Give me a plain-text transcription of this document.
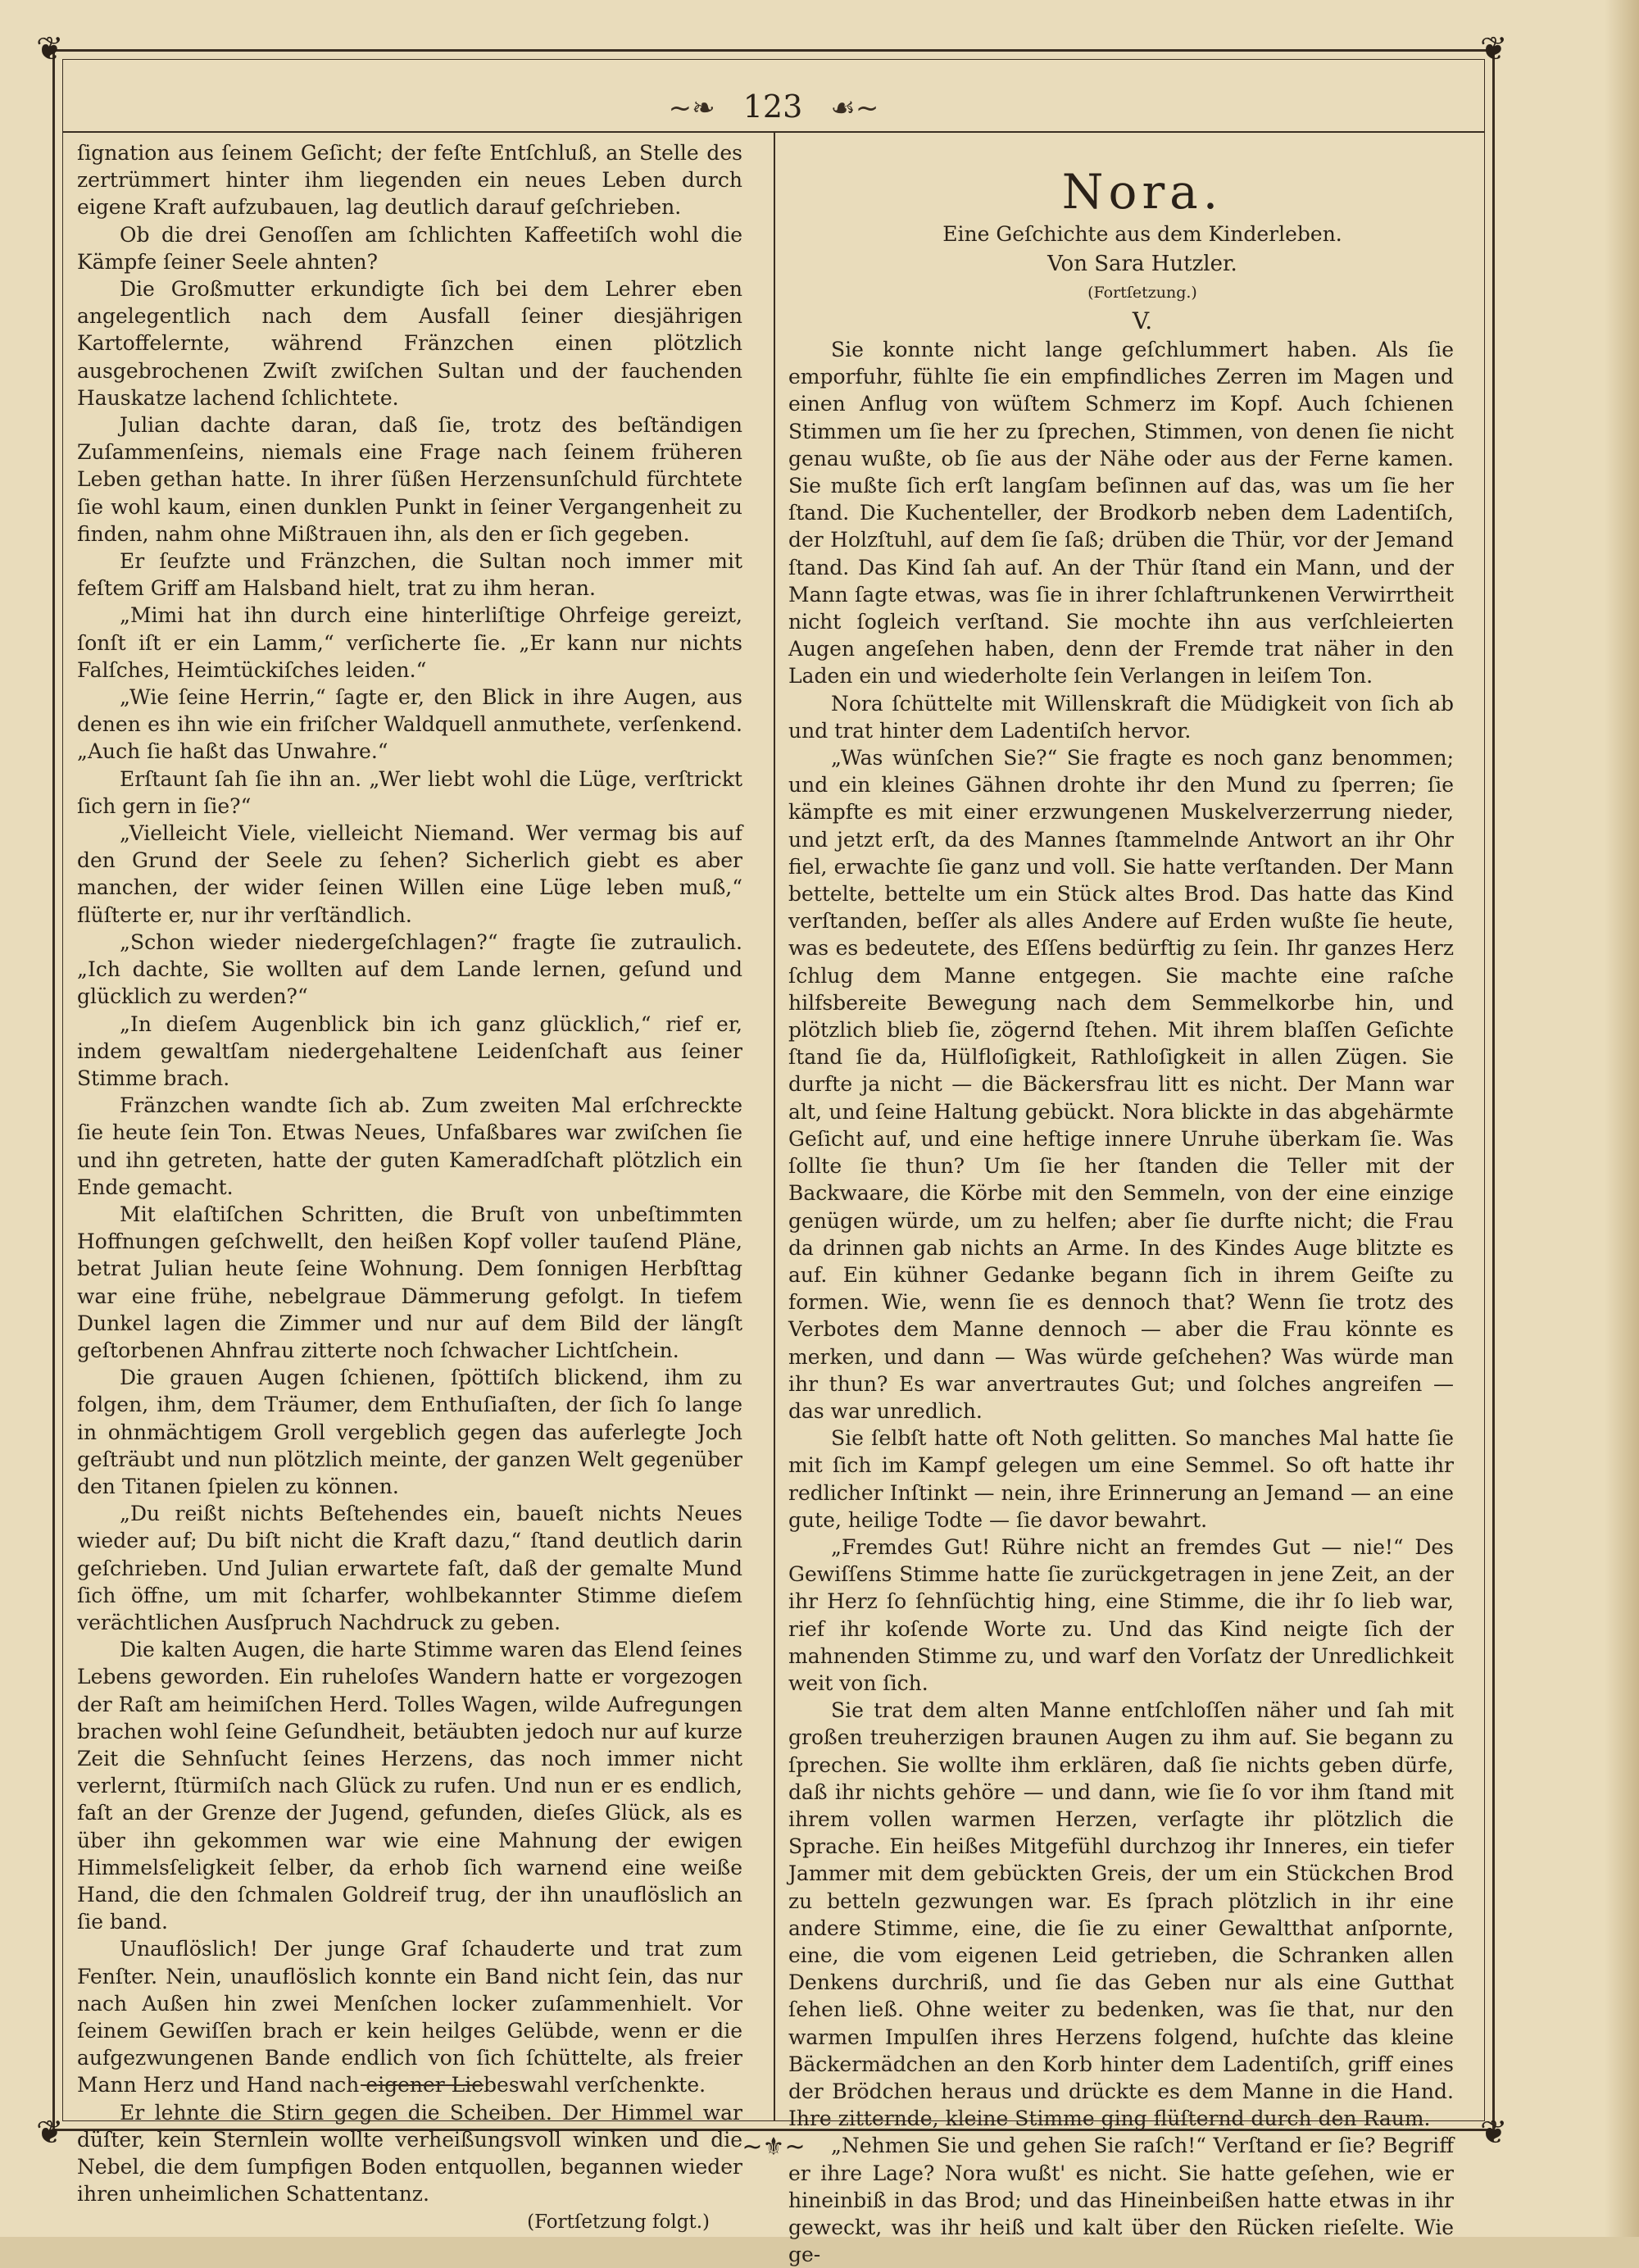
❦	❦
❦	❦
~❧ 123 ☙~

ſignation aus ſeinem Geſicht; der feſte Entſchluß, an Stelle des zertrümmert hinter ihm liegenden ein neues Leben durch eigene Kraft aufzubauen, lag deutlich darauf geſchrieben.

Ob die drei Genoſſen am ſchlichten Kaffeetiſch wohl die Kämpfe ſeiner Seele ahnten?

Die Großmutter erkundigte ſich bei dem Lehrer eben angelegentlich nach dem Ausfall ſeiner diesjährigen Kartoffelernte, während Fränzchen einen plötzlich ausgebrochenen Zwiſt zwiſchen Sultan und der fauchenden Hauskatze lachend ſchlichtete.

Julian dachte daran, daß ſie, trotz des beſtändigen Zuſammenſeins, niemals eine Frage nach ſeinem früheren Leben gethan hatte. In ihrer ſüßen Herzensunſchuld fürchtete ſie wohl kaum, einen dunklen Punkt in ſeiner Vergangenheit zu finden, nahm ohne Mißtrauen ihn, als den er ſich gegeben.

Er ſeufzte und Fränzchen, die Sultan noch immer mit feſtem Griff am Halsband hielt, trat zu ihm heran.

„Mimi hat ihn durch eine hinterliſtige Ohrfeige gereizt, ſonſt iſt er ein Lamm,“ verſicherte ſie. „Er kann nur nichts Falſches, Heimtückiſches leiden.“

„Wie ſeine Herrin,“ ſagte er, den Blick in ihre Augen, aus denen es ihn wie ein friſcher Waldquell anmuthete, verſenkend. „Auch ſie haßt das Unwahre.“

Erſtaunt ſah ſie ihn an. „Wer liebt wohl die Lüge, verſtrickt ſich gern in ſie?“

„Vielleicht Viele, vielleicht Niemand. Wer vermag bis auf den Grund der Seele zu ſehen? Sicherlich giebt es aber manchen, der wider ſeinen Willen eine Lüge leben muß,“ flüſterte er, nur ihr verſtändlich.

„Schon wieder niedergeſchlagen?“ fragte ſie zutraulich. „Ich dachte, Sie wollten auf dem Lande lernen, geſund und glücklich zu werden?“

„In dieſem Augenblick bin ich ganz glücklich,“ rief er, indem gewaltſam niedergehaltene Leidenſchaft aus ſeiner Stimme brach.

Fränzchen wandte ſich ab. Zum zweiten Mal erſchreckte ſie heute ſein Ton. Etwas Neues, Unfaßbares war zwiſchen ſie und ihn getreten, hatte der guten Kameradſchaft plötzlich ein Ende gemacht.

Mit elaſtiſchen Schritten, die Bruſt von unbeſtimmten Hoffnungen geſchwellt, den heißen Kopf voller tauſend Pläne, betrat Julian heute ſeine Wohnung. Dem ſonnigen Herbſttag war eine frühe, nebelgraue Dämmerung gefolgt. In tiefem Dunkel lagen die Zimmer und nur auf dem Bild der längſt geſtorbenen Ahnfrau zitterte noch ſchwacher Lichtſchein.

Die grauen Augen ſchienen, ſpöttiſch blickend, ihm zu folgen, ihm, dem Träumer, dem Enthuſiaſten, der ſich ſo lange in ohnmächtigem Groll vergeblich gegen das auferlegte Joch geſträubt und nun plötzlich meinte, der ganzen Welt gegenüber den Titanen ſpielen zu können.

„Du reißt nichts Beſtehendes ein, baueſt nichts Neues wieder auf; Du biſt nicht die Kraft dazu,“ ſtand deutlich darin geſchrieben. Und Julian erwartete faſt, daß der gemalte Mund ſich öffne, um mit ſcharfer, wohlbekannter Stimme dieſem verächtlichen Ausſpruch Nachdruck zu geben.

Die kalten Augen, die harte Stimme waren das Elend ſeines Lebens geworden. Ein ruheloſes Wandern hatte er vorgezogen der Raſt am heimiſchen Herd. Tolles Wagen, wilde Aufregungen brachen wohl ſeine Geſundheit, betäubten jedoch nur auf kurze Zeit die Sehnſucht ſeines Herzens, das noch immer nicht verlernt, ſtürmiſch nach Glück zu rufen. Und nun er es endlich, faſt an der Grenze der Jugend, gefunden, dieſes Glück, als es über ihn gekommen war wie eine Mahnung der ewigen Himmelsſeligkeit ſelber, da erhob ſich warnend eine weiße Hand, die den ſchmalen Goldreif trug, der ihn unauflöslich an ſie band.

Unauflöslich! Der junge Graf ſchauderte und trat zum Fenſter. Nein, unauflöslich konnte ein Band nicht ſein, das nur nach Außen hin zwei Menſchen locker zuſammenhielt. Vor ſeinem Gewiſſen brach er kein heilges Gelübde, wenn er die aufgezwungenen Bande endlich von ſich ſchüttelte, als freier Mann Herz und Hand nach eigener Liebeswahl verſchenkte.

Er lehnte die Stirn gegen die Scheiben. Der Himmel war düſter, kein Sternlein wollte verheißungsvoll winken und die Nebel, die dem ſumpfigen Boden entquollen, begannen wieder ihren unheimlichen Schattentanz.

(Fortſetzung folgt.)

Nora.

Eine Geſchichte aus dem Kinderleben.

Von Sara Hutzler.

(Fortſetzung.)

V.

Sie konnte nicht lange geſchlummert haben. Als ſie emporfuhr, fühlte ſie ein empfindliches Zerren im Magen und einen Anflug von wüſtem Schmerz im Kopf. Auch ſchienen Stimmen um ſie her zu ſprechen, Stimmen, von denen ſie nicht genau wußte, ob ſie aus der Nähe oder aus der Ferne kamen. Sie mußte ſich erſt langſam beſinnen auf das, was um ſie her ſtand. Die Kuchenteller, der Brodkorb neben dem Ladentiſch, der Holzſtuhl, auf dem ſie ſaß; drüben die Thür, vor der Jemand ſtand. Das Kind ſah auf. An der Thür ſtand ein Mann, und der Mann ſagte etwas, was ſie in ihrer ſchlaftrunkenen Verwirrtheit nicht ſogleich verſtand. Sie mochte ihn aus verſchleierten Augen angeſehen haben, denn der Fremde trat näher in den Laden ein und wiederholte ſein Verlangen in leiſem Ton.

Nora ſchüttelte mit Willenskraft die Müdigkeit von ſich ab und trat hinter dem Ladentiſch hervor.

„Was wünſchen Sie?“ Sie fragte es noch ganz benommen; und ein kleines Gähnen drohte ihr den Mund zu ſperren; ſie kämpfte es mit einer erzwungenen Muskelverzerrung nieder, und jetzt erſt, da des Mannes ſtammelnde Antwort an ihr Ohr fiel, erwachte ſie ganz und voll. Sie hatte verſtanden. Der Mann bettelte, bettelte um ein Stück altes Brod. Das hatte das Kind verſtanden, beſſer als alles Andere auf Erden wußte ſie heute, was es bedeutete, des Eſſens bedürftig zu ſein. Ihr ganzes Herz ſchlug dem Manne entgegen. Sie machte eine raſche hilfsbereite Bewegung nach dem Semmelkorbe hin, und plötzlich blieb ſie, zögernd ſtehen. Mit ihrem blaſſen Geſichte ſtand ſie da, Hülfloſigkeit, Rathloſigkeit in allen Zügen. Sie durfte ja nicht — die Bäckersfrau litt es nicht. Der Mann war alt, und ſeine Haltung gebückt. Nora blickte in das abgehärmte Geſicht auf, und eine heftige innere Unruhe überkam ſie. Was ſollte ſie thun? Um ſie her ſtanden die Teller mit der Backwaare, die Körbe mit den Semmeln, von der eine einzige genügen würde, um zu helfen; aber ſie durfte nicht; die Frau da drinnen gab nichts an Arme. In des Kindes Auge blitzte es auf. Ein kühner Gedanke begann ſich in ihrem Geiſte zu formen. Wie, wenn ſie es dennoch that? Wenn ſie trotz des Verbotes dem Manne dennoch — aber die Frau könnte es merken, und dann — Was würde geſchehen? Was würde man ihr thun? Es war anvertrautes Gut; und ſolches angreifen — das war unredlich.

Sie ſelbſt hatte oft Noth gelitten. So manches Mal hatte ſie mit ſich im Kampf gelegen um eine Semmel. So oft hatte ihr redlicher Inſtinkt — nein, ihre Erinnerung an Jemand — an eine gute, heilige Todte — ſie davor bewahrt.

„Fremdes Gut! Rühre nicht an fremdes Gut — nie!“ Des Gewiſſens Stimme hatte ſie zurückgetragen in jene Zeit, an der ihr Herz ſo ſehnſüchtig hing, eine Stimme, die ihr ſo lieb war, rief ihr koſende Worte zu. Und das Kind neigte ſich der mahnenden Stimme zu, und warf den Vorſatz der Unredlichkeit weit von ſich.

Sie trat dem alten Manne entſchloſſen näher und ſah mit großen treuherzigen braunen Augen zu ihm auf. Sie begann zu ſprechen. Sie wollte ihm erklären, daß ſie nichts geben dürfe, daß ihr nichts gehöre — und dann, wie ſie ſo vor ihm ſtand mit ihrem vollen warmen Herzen, verſagte ihr plötzlich die Sprache. Ein heißes Mitgefühl durchzog ihr Inneres, ein tiefer Jammer mit dem gebückten Greis, der um ein Stückchen Brod zu betteln gezwungen war. Es ſprach plötzlich in ihr eine andere Stimme, eine, die ſie zu einer Gewaltthat anſpornte, eine, die vom eigenen Leid getrieben, die Schranken allen Denkens durchriß, und ſie das Geben nur als eine Gutthat ſehen ließ. Ohne weiter zu bedenken, was ſie that, nur den warmen Impulſen ihres Herzens folgend, huſchte das kleine Bäckermädchen an den Korb hinter dem Ladentiſch, griff eines der Brödchen heraus und drückte es dem Manne in die Hand. Ihre zitternde, kleine Stimme ging flüſternd durch den Raum.

„Nehmen Sie und gehen Sie raſch!“ Verſtand er ſie? Begriff er ihre Lage? Nora wußt' es nicht. Sie hatte geſehen, wie er hineinbiß in das Brod; und das Hineinbeißen hatte etwas in ihr geweckt, was ihr heiß und kalt über den Rücken rieſelte. Wie ge-

~⚜~
